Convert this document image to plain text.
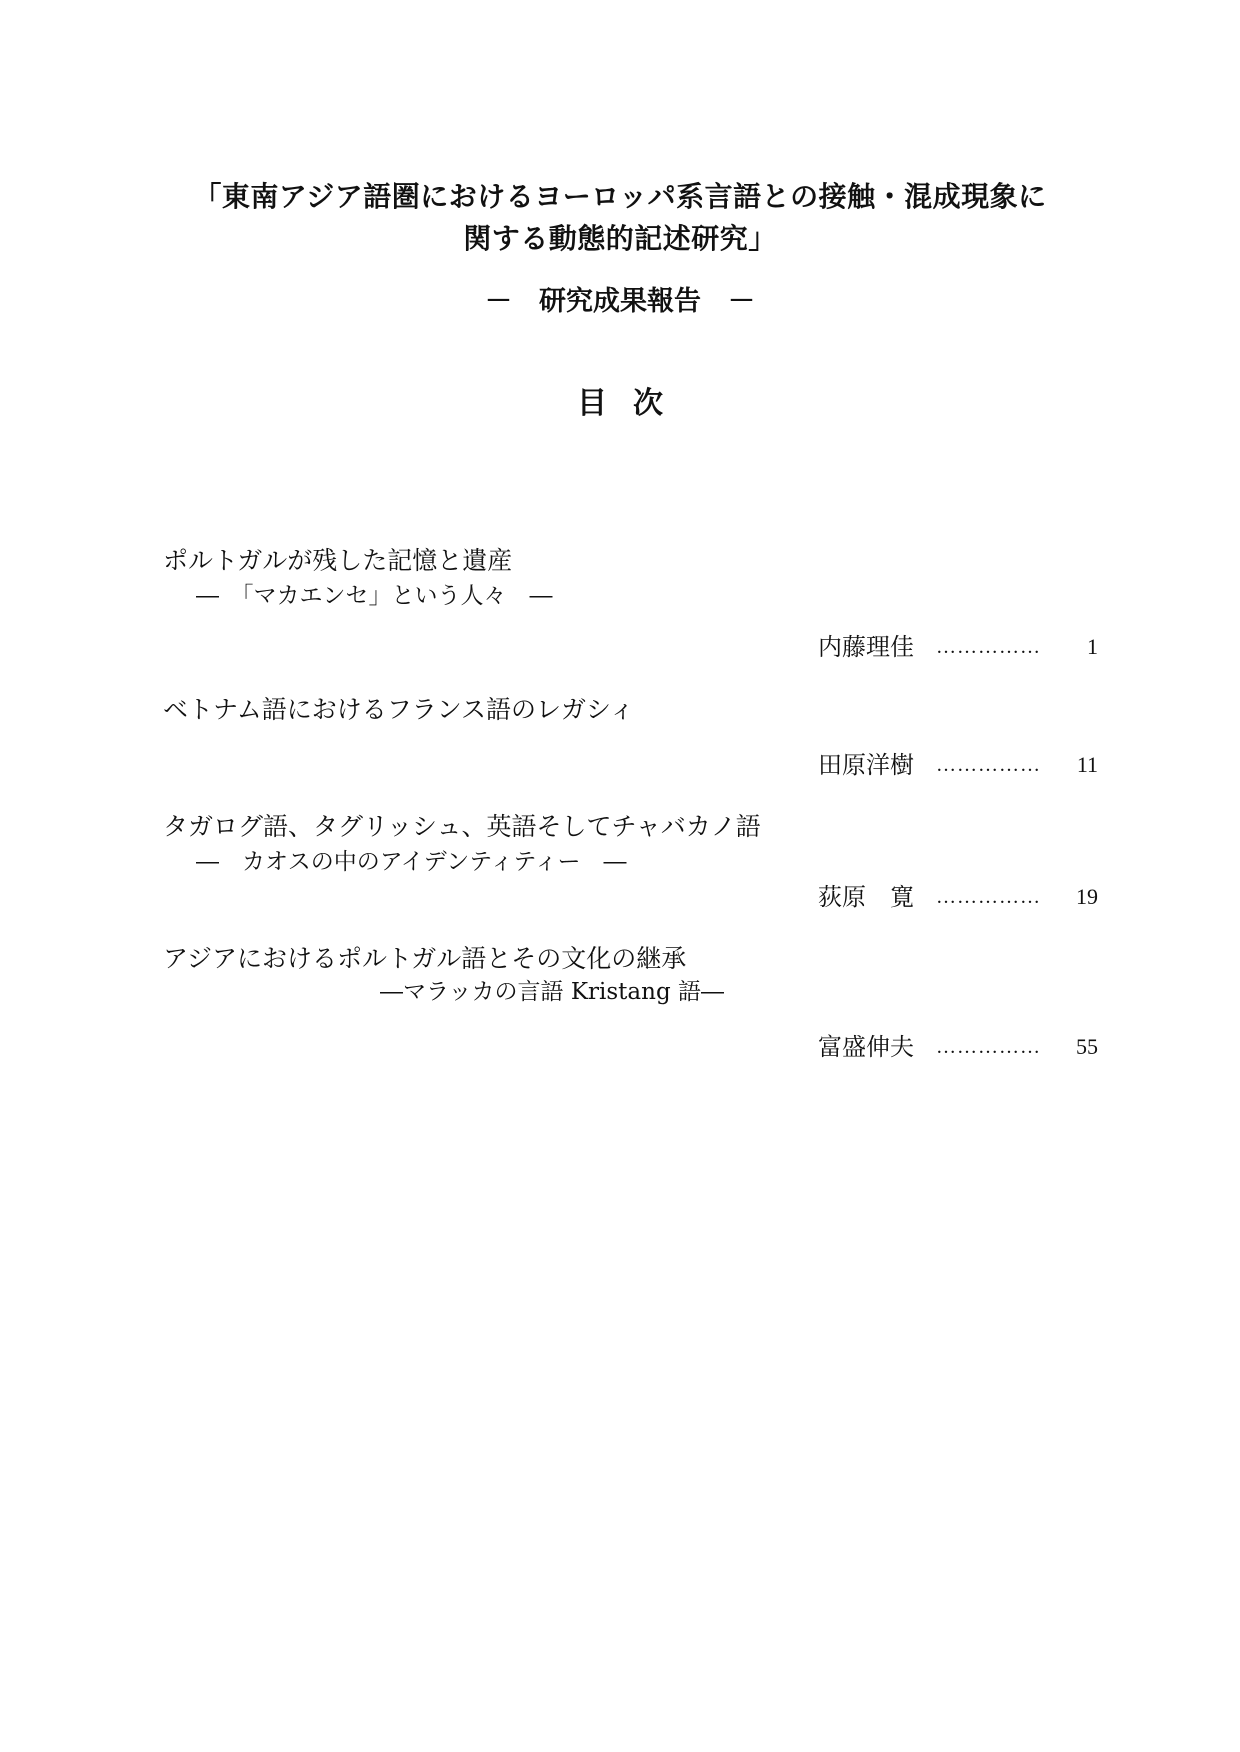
「東南アジア語圏におけるヨーロッパ系言語との接触・混成現象に
関する動態的記述研究」
－　研究成果報告　－
目次
ポルトガルが残した記憶と遺産
―　「マカエンセ」という人々　―
内藤理佳 …………… 1
ベトナム語におけるフランス語のレガシィ
田原洋樹 …………… 11
タガログ語、タグリッシュ、英語そしてチャバカノ語
―　カオスの中のアイデンティティー　―
荻原　寛 …………… 19
アジアにおけるポルトガル語とその文化の継承
―マラッカの言語 Kristang 語―
富盛伸夫 …………… 55
